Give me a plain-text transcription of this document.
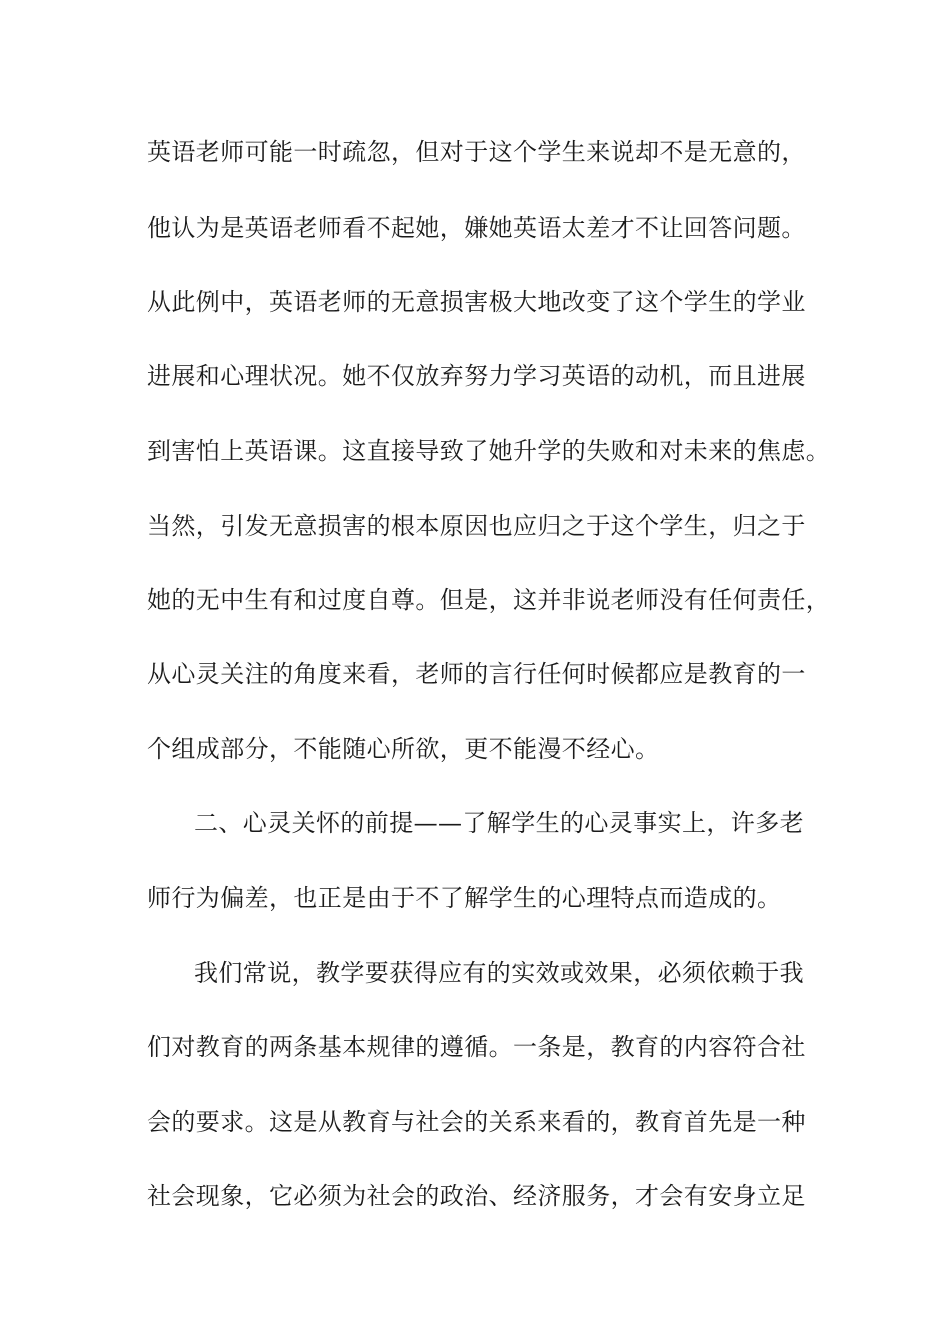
英语老师可能一时疏忽，但对于这个学生来说却不是无意的，
他认为是英语老师看不起她，嫌她英语太差才不让回答问题。
从此例中，英语老师的无意损害极大地改变了这个学生的学业
进展和心理状况。她不仅放弃努力学习英语的动机，而且进展
到害怕上英语课。这直接导致了她升学的失败和对未来的焦虑。
当然，引发无意损害的根本原因也应归之于这个学生，归之于
她的无中生有和过度自尊。但是，这并非说老师没有任何责任，
从心灵关注的角度来看，老师的言行任何时候都应是教育的一
个组成部分，不能随心所欲，更不能漫不经心。
二、心灵关怀的前提——了解学生的心灵事实上，许多老
师行为偏差，也正是由于不了解学生的心理特点而造成的。
我们常说，教学要获得应有的实效或效果，必须依赖于我
们对教育的两条基本规律的遵循。一条是，教育的内容符合社
会的要求。这是从教育与社会的关系来看的，教育首先是一种
社会现象，它必须为社会的政治、经济服务，才会有安身立足
